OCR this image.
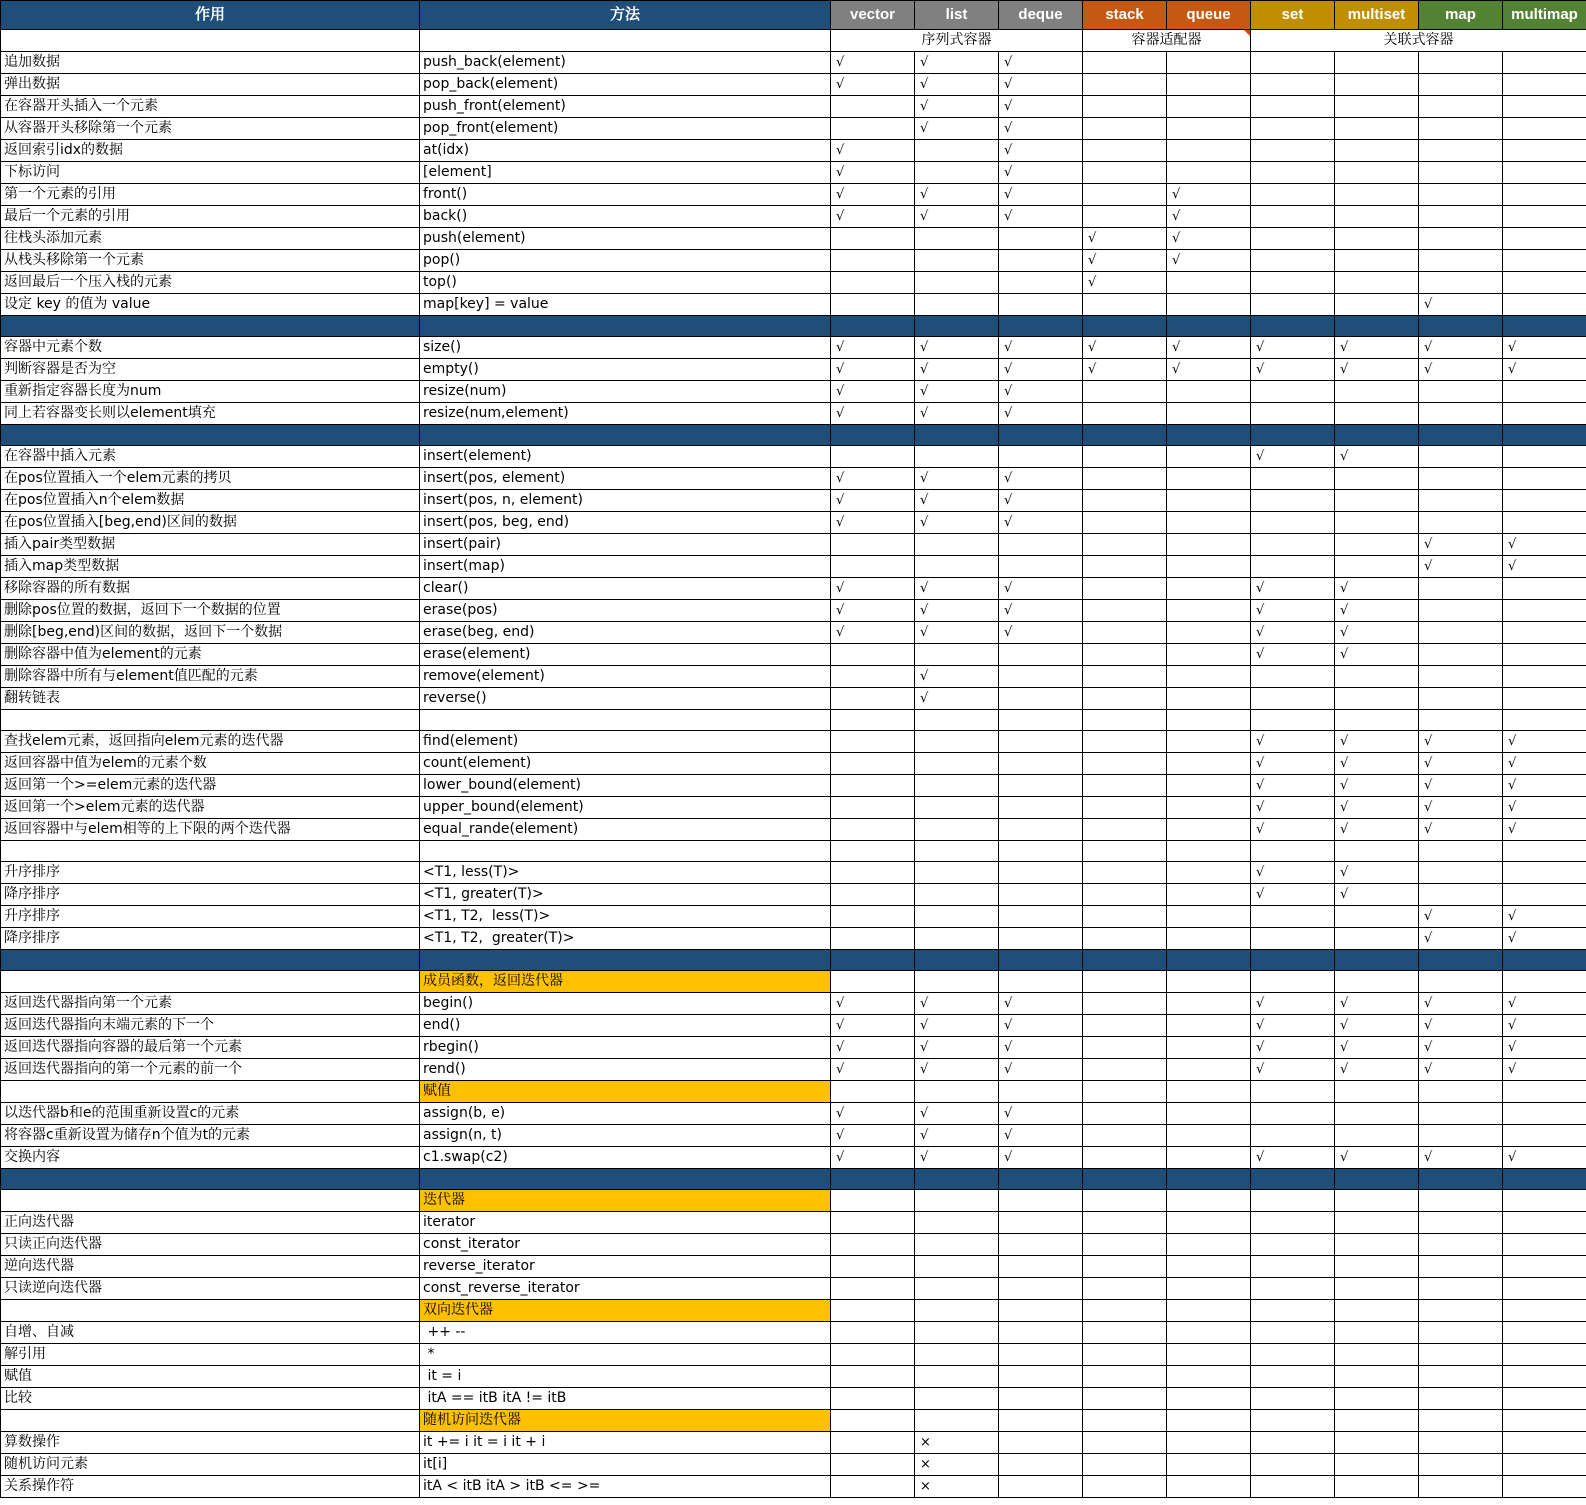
作用	方法	vector	list	deque	stack	queue	set	multiset	map	multimap
		序列式容器			容器适配器		关联式容器			
追加数据	push_back(element)	√	√	√						
弹出数据	pop_back(element)	√	√	√						
在容器开头插入一个元素	push_front(element)		√	√						
从容器开头移除第一个元素	pop_front(element)		√	√						
返回索引idx的数据	at(idx)	√		√						
下标访问	[element]	√		√						
第一个元素的引用	front()	√	√	√		√				
最后一个元素的引用	back()	√	√	√		√				
往栈头添加元素	push(element)				√	√				
从栈头移除第一个元素	pop()				√	√				
返回最后一个压入栈的元素	top()				√					
设定 key 的值为 value	map[key] = value								√	

容器中元素个数	size()	√	√	√	√	√	√	√	√	√
判断容器是否为空	empty()	√	√	√	√	√	√	√	√	√
重新指定容器长度为num	resize(num)	√	√	√						
同上若容器变长则以element填充	resize(num,element)	√	√	√						

在容器中插入元素	insert(element)						√	√		
在pos位置插入一个elem元素的拷贝	insert(pos, element)	√	√	√						
在pos位置插入n个elem数据	insert(pos, n, element)	√	√	√						
在pos位置插入[beg,end)区间的数据	insert(pos, beg, end)	√	√	√						
插入pair类型数据	insert(pair)								√	√
插入map类型数据	insert(map)								√	√
移除容器的所有数据	clear()	√	√	√			√	√		
删除pos位置的数据，返回下一个数据的位置	erase(pos)	√	√	√			√	√		
删除[beg,end)区间的数据，返回下一个数据	erase(beg, end)	√	√	√			√	√		
删除容器中值为element的元素	erase(element)						√	√		
删除容器中所有与element值匹配的元素	remove(element)		√							
翻转链表	reverse()		√							

查找elem元素，返回指向elem元素的迭代器	find(element)						√	√	√	√
返回容器中值为elem的元素个数	count(element)						√	√	√	√
返回第一个>=elem元素的迭代器	lower_bound(element)						√	√	√	√
返回第一个>elem元素的迭代器	upper_bound(element)						√	√	√	√
返回容器中与elem相等的上下限的两个迭代器	equal_rande(element)						√	√	√	√

升序排序	<T1, less(T)>						√	√		
降序排序	<T1, greater(T)>						√	√		
升序排序	<T1, T2,  less(T)>								√	√
降序排序	<T1, T2,  greater(T)>								√	√

	成员函数，返回迭代器									
返回迭代器指向第一个元素	begin()	√	√	√			√	√	√	√
返回迭代器指向末端元素的下一个	end()	√	√	√			√	√	√	√
返回迭代器指向容器的最后第一个元素	rbegin()	√	√	√			√	√	√	√
返回迭代器指向的第一个元素的前一个	rend()	√	√	√			√	√	√	√
	赋值									
以迭代器b和e的范围重新设置c的元素	assign(b, e)	√	√	√						
将容器c重新设置为储存n个值为t的元素	assign(n, t)	√	√	√						
交换内容	c1.swap(c2)	√	√	√			√	√	√	√

	迭代器									
正向迭代器	iterator									
只读正向迭代器	const_iterator									
逆向迭代器	reverse_iterator									
只读逆向迭代器	const_reverse_iterator									
	双向迭代器									
自增、自减	++ --									
解引用	*									
赋值	it = i									
比较	itA == itB itA != itB									
	随机访问迭代器									
算数操作	it += i it = i it + i		×							
随机访问元素	it[i]		×							
关系操作符	itA < itB itA > itB <= >=		×							
